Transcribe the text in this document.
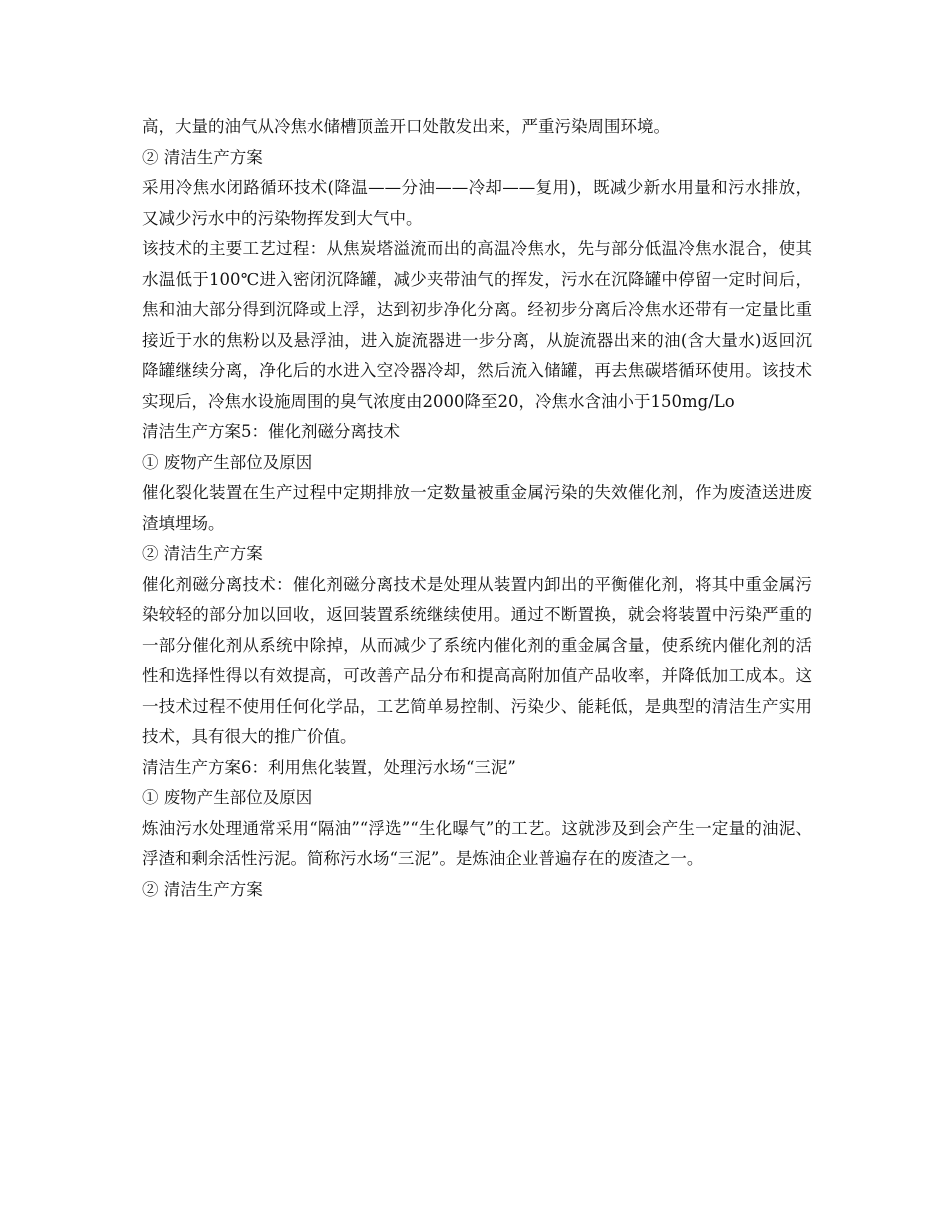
高，大量的油气从冷焦水储槽顶盖开口处散发出来，严重污染周围环境。

② 清洁生产方案

采用冷焦水闭路循环技术(降温——分油——冷却——复用)，既减少新水用量和污水排放，又减少污水中的污染物挥发到大气中。

该技术的主要工艺过程：从焦炭塔溢流而出的高温冷焦水，先与部分低温冷焦水混合，使其水温低于100℃进入密闭沉降罐，减少夹带油气的挥发，污水在沉降罐中停留一定时间后，焦和油大部分得到沉降或上浮，达到初步净化分离。经初步分离后冷焦水还带有一定量比重接近于水的焦粉以及悬浮油，进入旋流器进一步分离，从旋流器出来的油(含大量水)返回沉降罐继续分离，净化后的水进入空冷器冷却，然后流入储罐，再去焦碳塔循环使用。该技术实现后，冷焦水设施周围的臭气浓度由2000降至20，冷焦水含油小于150mg/Lo

清洁生产方案5：催化剂磁分离技术

① 废物产生部位及原因

催化裂化装置在生产过程中定期排放一定数量被重金属污染的失效催化剂，作为废渣送进废渣填埋场。

② 清洁生产方案

催化剂磁分离技术：催化剂磁分离技术是处理从装置内卸出的平衡催化剂，将其中重金属污染较轻的部分加以回收，返回装置系统继续使用。通过不断置换，就会将装置中污染严重的一部分催化剂从系统中除掉，从而减少了系统内催化剂的重金属含量，使系统内催化剂的活性和选择性得以有效提高，可改善产品分布和提高高附加值产品收率，并降低加工成本。这一技术过程不使用任何化学品，工艺简单易控制、污染少、能耗低，是典型的清洁生产实用技术，具有很大的推广价值。

清洁生产方案6：利用焦化装置，处理污水场“三泥”

① 废物产生部位及原因

炼油污水处理通常采用“隔油”“浮选”“生化曝气”的工艺。这就涉及到会产生一定量的油泥、浮渣和剩余活性污泥。简称污水场“三泥”。是炼油企业普遍存在的废渣之一。

② 清洁生产方案
